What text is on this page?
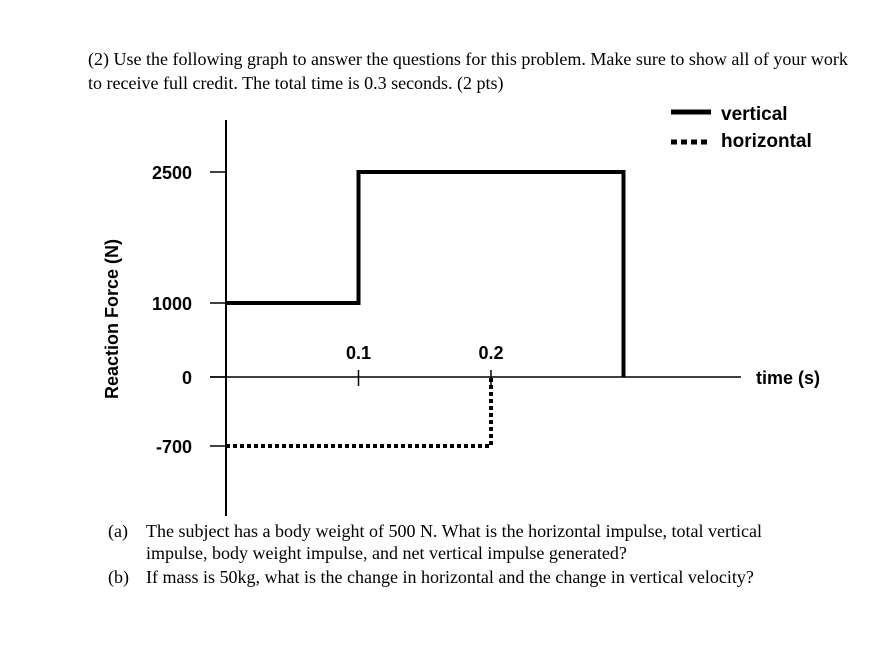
(2) Use the following graph to answer the questions for this problem. Make sure to show all of your work to receive full credit. The total time is 0.3 seconds. (2 pts)

2500
1000
0
-700
0.1	0.2
Reaction Force (N)	time (s)
vertical
horizontal

(a) The subject has a body weight of 500 N. What is the horizontal impulse, total vertical
impulse, body weight impulse, and net vertical impulse generated?

(b) If mass is 50kg, what is the change in horizontal and the change in vertical velocity?
